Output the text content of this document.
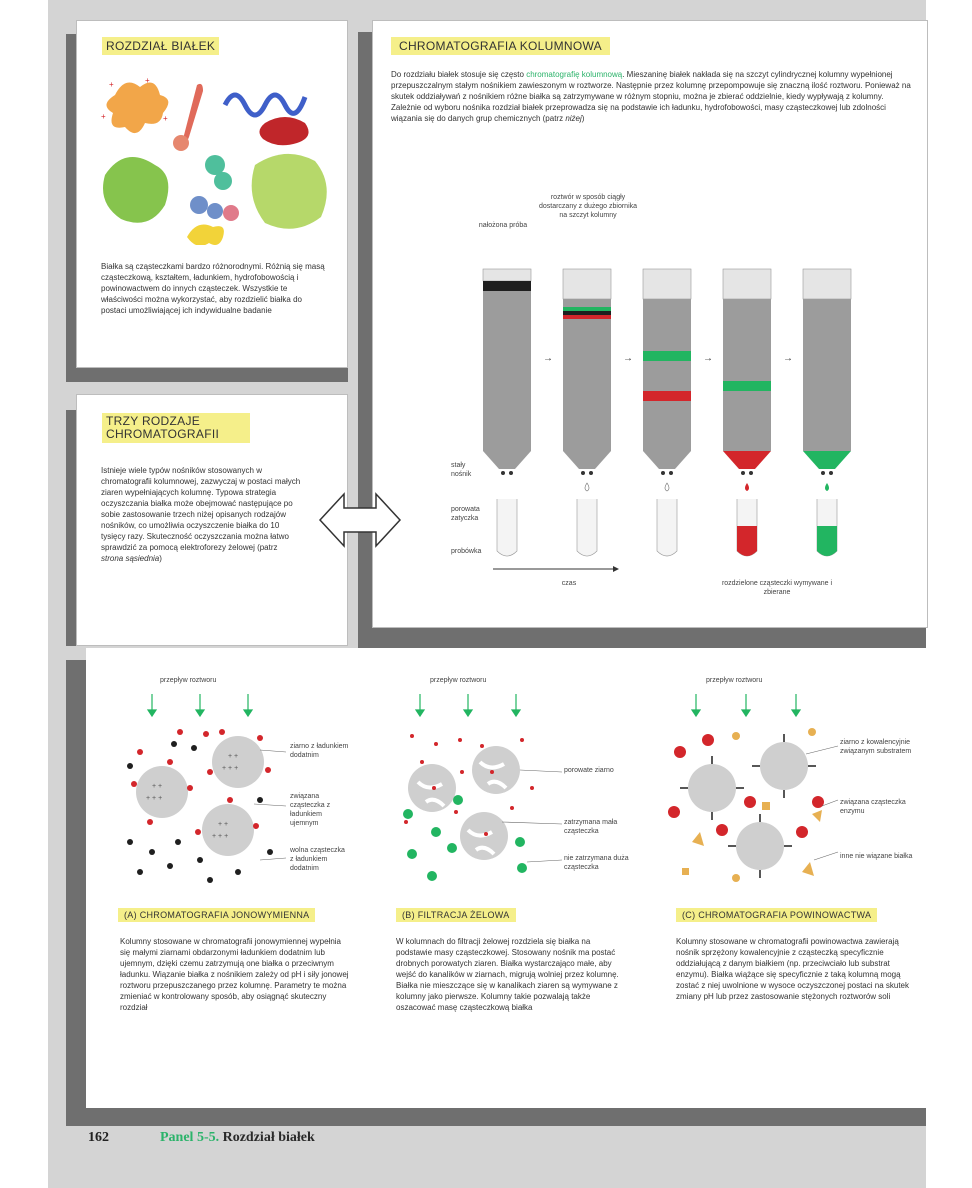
ROZDZIAŁ BIAŁEK
+	+
+	+
Białka są cząsteczkami bardzo różnorodnymi. Różnią się masą cząsteczkową, kształtem, ładunkiem, hydrofobowością i powinowactwem do innych cząsteczek. Wszystkie te właściwości można wykorzystać, aby rozdzielić białka do postaci umożliwiającej ich indywidualne badanie
CHROMATOGRAFIA KOLUMNOWA
Do rozdziału białek stosuje się często chromatografię kolumnową. Mieszaninę białek nakłada się na szczyt cylindrycznej kolumny wypełnionej przepuszczalnym stałym nośnikiem zawieszonym w roztworze. Następnie przez kolumnę przepompowuje się znaczną ilość roztworu. Ponieważ na skutek oddziaływań z nośnikiem różne białka są zatrzymywane w różnym stopniu, można je zbierać oddzielnie, kiedy wypływają z kolumny. Zależnie od wyboru nośnika rozdział białek przeprowadza się na podstawie ich ładunku, hydrofobowości, masy cząsteczkowej lub zdolności wiązania się do danych grup chemicznych (patrz niżej)
nałożona próba
roztwór w sposób ciągły dostarczany z dużego zbiornika na szczyt kolumny
stały nośnik
porowata zatyczka
probówka
czas	rozdzielone cząsteczki wymywane i zbierane
→	→	→	→
TRZY RODZAJE CHROMATOGRAFII
Istnieje wiele typów nośników stosowanych w chromatografii kolumnowej, zazwyczaj w postaci małych ziaren wypełniających kolumnę. Typowa strategia oczyszczania białka może obejmować następujące po sobie zastosowanie trzech niżej opisanych rodzajów nośników, co umożliwia oczyszczenie białka do 10 tysięcy razy. Skuteczność oczyszczania można łatwo sprawdzić za pomocą elektroforezy żelowej (patrz strona sąsiednia)
przepływ roztworu
+ +
+ + +
+ +
+ + +
+ +
+ + +
ziarno z ładunkiem dodatnim
związana cząsteczka z ładunkiem ujemnym
wolna cząsteczka z ładunkiem dodatnim
(A) CHROMATOGRAFIA JONOWYMIENNA
Kolumny stosowane w chromatografii jonowymiennej wypełnia się małymi ziarnami obdarzonymi ładunkiem dodatnim lub ujemnym, dzięki czemu zatrzymują one białka o przeciwnym ładunku. Wiązanie białka z nośnikiem zależy od pH i siły jonowej roztworu przepuszczanego przez kolumnę. Parametry te można zmieniać w kontrolowany sposób, aby osiągnąć skuteczny rozdział
przepływ roztworu
porowate ziarno
zatrzymana mała cząsteczka
nie zatrzymana duża cząsteczka
(B) FILTRACJA ŻELOWA
W kolumnach do filtracji żelowej rozdziela się białka na podstawie masy cząsteczkowej. Stosowany nośnik ma postać drobnych porowatych ziaren. Białka wystarczająco małe, aby wejść do kanalików w ziarnach, migrują wolniej przez kolumnę. Białka nie mieszczące się w kanalikach ziaren są wymywane z kolumny jako pierwsze. Kolumny takie pozwalają także oszacować masę cząsteczkową białka
przepływ roztworu
ziarno z kowalencyjnie związanym substratem
związana cząsteczka enzymu
inne nie wiązane białka
(C) CHROMATOGRAFIA POWINOWACTWA
Kolumny stosowane w chromatografii powinowactwa zawierają nośnik sprzężony kowalencyjnie z cząsteczką specyficznie oddziałującą z danym białkiem (np. przeciwciało lub substrat enzymu). Białka wiążące się specyficznie z taką kolumną mogą zostać z niej uwolnione w wysoce oczyszczonej postaci na skutek zmiany pH lub przez zastosowanie stężonych roztworów soli
162	Panel 5-5. Rozdział białek
